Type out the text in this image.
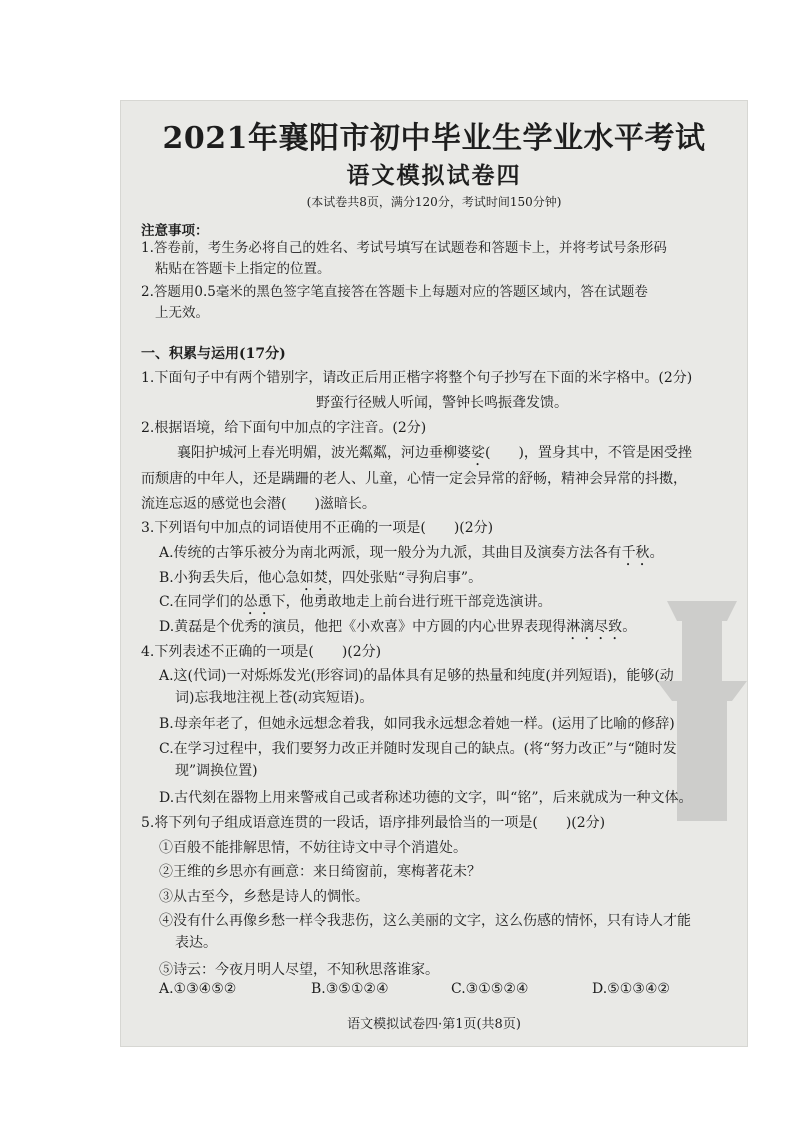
2021年襄阳市初中毕业生学业水平考试
语文模拟试卷四
(本试卷共8页，满分120分，考试时间150分钟)
注意事项：
1.答卷前，考生务必将自己的姓名、考试号填写在试题卷和答题卡上，并将考试号条形码
粘贴在答题卡上指定的位置。
2.答题用0.5毫米的黑色签字笔直接答在答题卡上每题对应的答题区域内，答在试题卷
上无效。
一、积累与运用(17分)
1.下面句子中有两个错别字，请改正后用正楷字将整个句子抄写在下面的米字格中。(2分)
野蛮行径贼人听闻，警钟长鸣振聋发馈。
2.根据语境，给下面句中加点的字注音。(2分)
襄阳护城河上春光明媚，波光粼粼，河边垂柳婆娑(　　)，置身其中，不管是困受挫
而颓唐的中年人，还是蹒跚的老人、儿童，心情一定会异常的舒畅，精神会异常的抖擞，
流连忘返的感觉也会潜(　　)滋暗长。
3.下列语句中加点的词语使用不正确的一项是(　　)(2分)
A.传统的古筝乐被分为南北两派，现一般分为九派，其曲目及演奏方法各有千秋。
B.小狗丢失后，他心急如焚，四处张贴“寻狗启事”。
C.在同学们的怂恿下，他勇敢地走上前台进行班干部竞选演讲。
D.黄磊是个优秀的演员，他把《小欢喜》中方圆的内心世界表现得淋漓尽致。
4.下列表述不正确的一项是(　　)(2分)
A.这(代词)一对烁烁发光(形容词)的晶体具有足够的热量和纯度(并列短语)，能够(动
词)忘我地注视上苍(动宾短语)。
B.母亲年老了，但她永远想念着我，如同我永远想念着她一样。(运用了比喻的修辞)
C.在学习过程中，我们要努力改正并随时发现自己的缺点。(将“努力改正”与“随时发
现”调换位置)
D.古代刻在器物上用来警戒自己或者称述功德的文字，叫“铭”，后来就成为一种文体。
5.将下列句子组成语意连贯的一段话，语序排列最恰当的一项是(　　)(2分)
①百般不能排解思情，不妨往诗文中寻个消遣处。
②王维的乡思亦有画意：来日绮窗前，寒梅著花未？
③从古至今，乡愁是诗人的惆怅。
④没有什么再像乡愁一样令我悲伤，这么美丽的文字，这么伤感的情怀，只有诗人才能
表达。
⑤诗云：今夜月明人尽望，不知秋思落谁家。
A.①③④⑤②	B.③⑤①②④	C.③①⑤②④	D.⑤①③④②
语文模拟试卷四·第1页(共8页)
